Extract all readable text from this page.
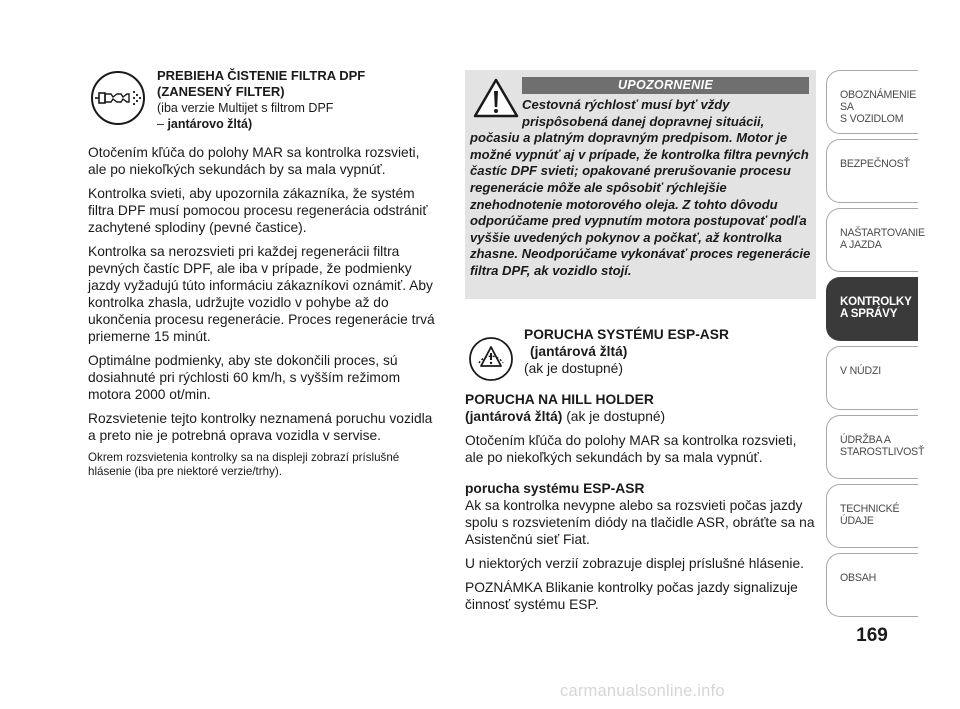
PREBIEHA ČISTENIE FILTRA DPF
(ZANESENÝ FILTER)
(iba verzie Multijet s filtrom DPF
– jantárovo žltá)

Otočením kľúča do polohy MAR sa kontrolka rozsvieti, ale po niekoľkých sekundách by sa mala vypnúť.

Kontrolka svieti, aby upozornila zákazníka, že systém filtra DPF musí pomocou procesu regenerácia odstrániť zachytené splodiny (pevné častice).

Kontrolka sa nerozsvieti pri každej regenerácii filtra pevných častíc DPF, ale iba v prípade, že podmienky jazdy vyžadujú túto informáciu zákazníkovi oznámiť. Aby kontrolka zhasla, udržujte vozidlo v pohybe až do ukončenia procesu regenerácie. Proces regenerácie trvá priemerne 15 minút.

Optimálne podmienky, aby ste dokončili proces, sú dosiahnuté pri rýchlosti 60 km/h, s vyšším režimom motora 2000 ot/min.

Rozsvietenie tejto kontrolky neznamená poruchu vozidla a preto nie je potrebná oprava vozidla v servise.

Okrem rozsvietenia kontrolky sa na displeji zobrazí príslušné hlásenie (iba pre niektoré verzie/trhy).

UPOZORNENIE
Cestovná rýchlosť musí byť vždy
prispôsobená danej dopravnej situácii,
počasiu a platným dopravným predpisom. Motor je možné vypnúť aj v prípade, že kontrolka filtra pevných častíc DPF svieti; opakované prerušovanie procesu regenerácie môže ale spôsobiť rýchlejšie znehodnotenie motorového oleja. Z tohto dôvodu odporúčame pred vypnutím motora postupovať podľa vyššie uvedených pokynov a počkať, až kontrolka zhasne. Neodporúčame vykonávať proces regenerácie filtra DPF, ak vozidlo stojí.
PORUCHA SYSTÉMU ESP-ASR
(jantárová žltá)
(ak je dostupné)
PORUCHA NA HILL HOLDER

(jantárová žltá) (ak je dostupné)

Otočením kľúča do polohy MAR sa kontrolka rozsvieti, ale po niekoľkých sekundách by sa mala vypnúť.

porucha systému ESP-ASR

Ak sa kontrolka nevypne alebo sa rozsvieti počas jazdy spolu s rozsvietením diódy na tlačidle ASR, obráťte sa na Asistenčnú sieť Fiat.

U niektorých verzií zobrazuje displej príslušné hlásenie.

POZNÁMKA Blikanie kontrolky počas jazdy signalizuje činnosť systému ESP.

OBOZNÁMENIE SA
S VOZIDLOM
BEZPEČNOSŤ
NAŠTARTOVANIE
A JAZDA
KONTROLKY
A SPRÁVY
V NÚDZI
ÚDRŽBA A
STAROSTLIVOSŤ
TECHNICKÉ
ÚDAJE
OBSAH
169
carmanualsonline.info
